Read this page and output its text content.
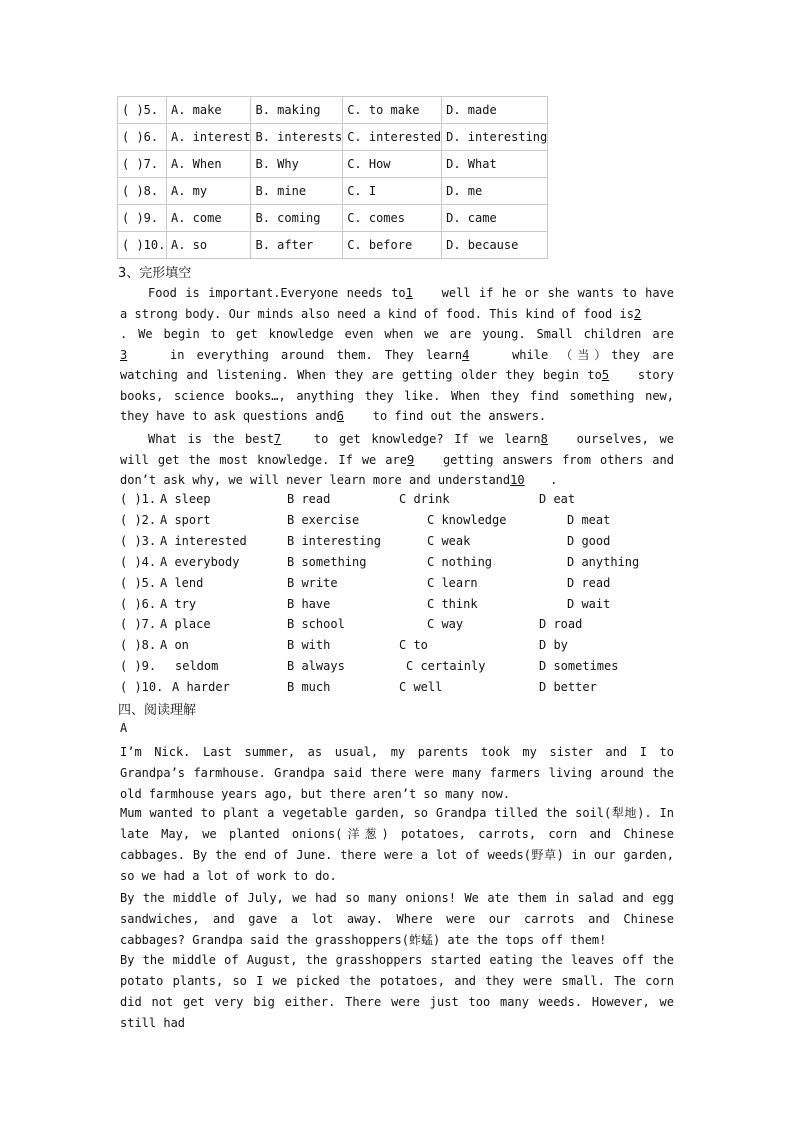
( )5.	A. make	B. making	C. to make	D. made
( )6.	A. interest	B. interests	C. interested	D. interesting
( )7.	A. When	B. Why	C. How	D. What
( )8.	A. my	B. mine	C. I	D. me
( )9.	A. come	B. coming	C. comes	D. came
( )10.	A. so	B. after	C. before	D. because
3、完形填空
Food is important.Everyone needs to1 well if he or she wants to have a strong body. Our minds also need a kind of food. This kind of food is2. We begin to get knowledge even when we are young. Small children are3	in everything around them. They learn4	while （当）they are watching and listening. When they are getting older they begin to5 story books, science books…, anything they like. When they find something new, they have to ask questions and6 to find out the answers.
What is the best7	to get knowledge? If we learn8 ourselves, we will get the most knowledge. If we are9 getting answers from others and don’t ask why, we will never learn more and understand10 .
( )1. A sleep	B read	C drink	D eat
( )2. A sport	B exercise	C knowledge	D meat
( )3. A interested	B interesting	C weak	D good
( )4. A everybody	B something	C nothing	D anything
( )5. A lend	B write	C learn	D read
( )6. A try	B have	C think	D wait
( )7. A place	B school	C way	D road
( )8. A on	B with	C to	D by
( )9. seldom	B always	C certainly	D sometimes
( )10. A harder	B much	C well	D better
四、阅读理解
A
I’m Nick. Last summer, as usual, my parents took my sister and I to Grandpa’s farmhouse. Grandpa said there were many farmers living around the old farmhouse years ago, but there aren’t so many now.
Mum wanted to plant a vegetable garden, so Grandpa tilled the soil(犁地). In late May, we planted onions(洋葱) potatoes, carrots, corn and Chinese cabbages. By the end of June. there were a lot of weeds(野草) in our garden, so we had a lot of work to do.
By the middle of July, we had so many onions! We ate them in salad and egg sandwiches, and gave a lot away. Where were our carrots and Chinese cabbages? Grandpa said the grasshoppers(蚱蜢) ate the tops off them!
By the middle of August, the grasshoppers started eating the leaves off the potato plants, so I we picked the potatoes, and they were small. The corn did not get very big either. There were just too many weeds. However, we still had
